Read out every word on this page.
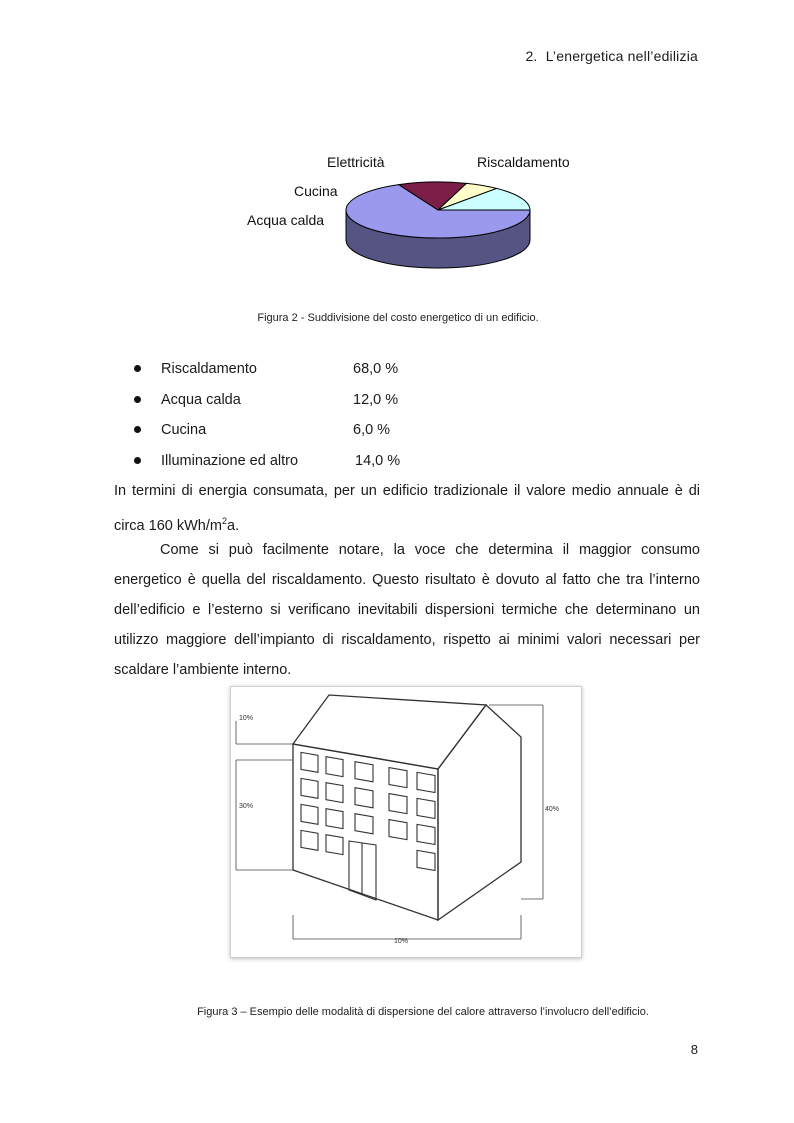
2.  L’energetica nell’edilizia
Elettricità	Riscaldamento
Cucina
Acqua calda
Figura 2 - Suddivisione del costo energetico di un edificio.
Riscaldamento	68,0 %
Acqua calda	12,0 %
Cucina	6,0 %
Illuminazione ed altro	14,0 %

In termini di energia consumata, per un edificio tradizionale il valore medio annuale è di circa 160 kWh/$m^2a$.

Come si può facilmente notare, la voce che determina il maggior consumo energetico è quella del riscaldamento. Questo risultato è dovuto al fatto che tra l’interno dell’edificio e l’esterno si verificano inevitabili dispersioni termiche che determinano un utilizzo maggiore dell’impianto di riscaldamento, rispetto ai minimi valori necessari per scaldare l’ambiente interno.

10%
30%	40%
10%
Figura 3 – Esempio delle modalità di dispersione del calore attraverso l’involucro dell’edificio.
8
